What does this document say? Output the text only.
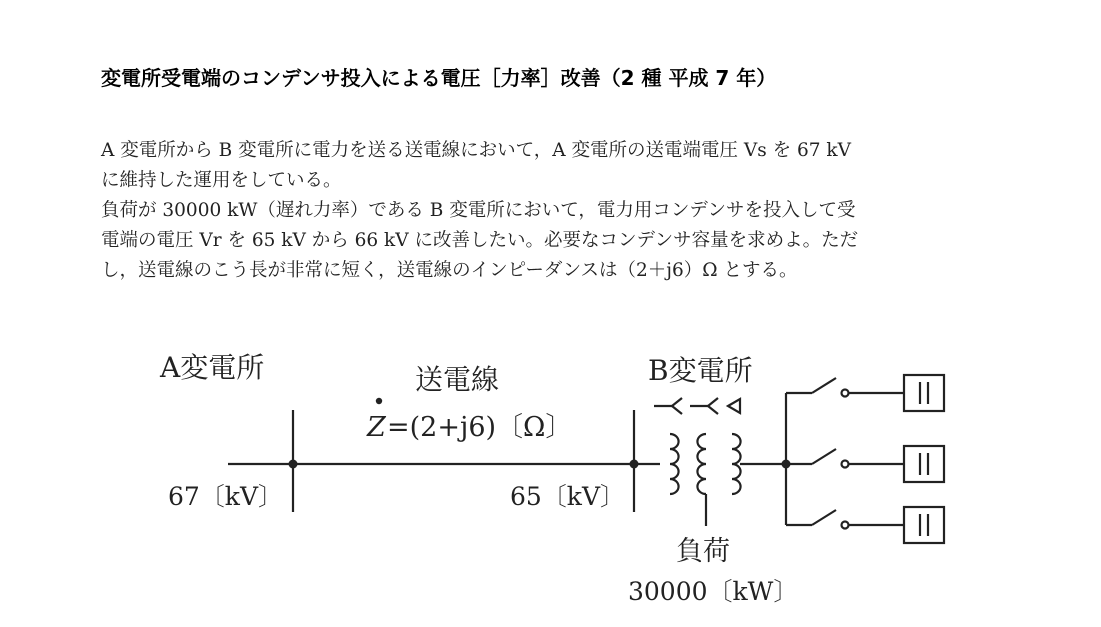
変電所受電端のコンデンサ投入による電圧［力率］改善（2 種 平成 7 年）

A 変電所から B 変電所に電力を送る送電線において，A 変電所の送電端電圧 Vs を 67 kV
に維持した運用をしている。

負荷が 30000 kW（遅れ力率）である B 変電所において，電力用コンデンサを投入して受
電端の電圧 Vr を 65 kV から 66 kV に改善したい。必要なコンデンサ容量を求めよ。ただ
し，送電線のこう長が非常に短く，送電線のインピーダンスは（2＋j6）Ω とする。

A変電所	送電線
Z =(2+j6)〔Ω〕
67〔kV〕	65〔kV〕
B変電所
負荷
30000〔kW〕
